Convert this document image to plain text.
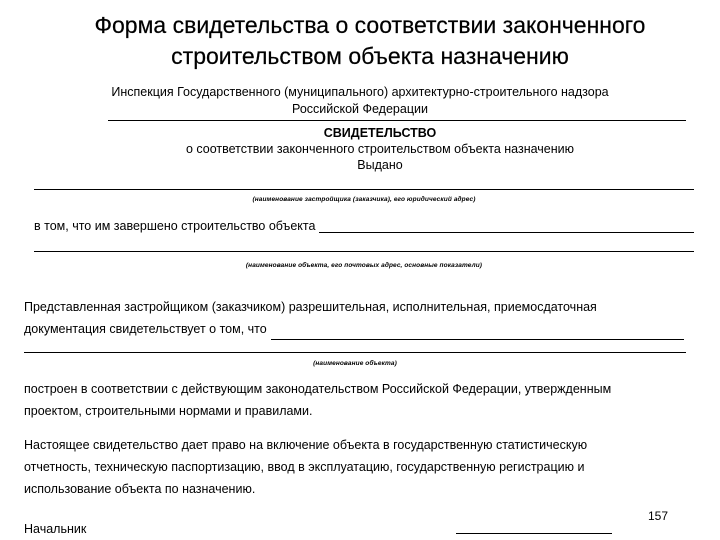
Форма свидетельства о соответствии законченного
строительством объекта назначению
Инспекция Государственного (муниципального) архитектурно-строительного надзора
Российской Федерации
СВИДЕТЕЛЬСТВО
о соответствии законченного строительством объекта назначению
Выдано
(наименование застройщика (заказчика), его юридический адрес)
в том, что им завершено строительство объекта
(наименование объекта, его почтовых адрес, основные показатели)
Представленная застройщиком (заказчиком) разрешительная, исполнительная, приемосдаточная
документация свидетельствует о том, что
(наименование объекта)
построен в соответствии с действующим законодательством Российской Федерации, утвержденным
проектом, строительными нормами и правилами.
Настоящее свидетельство дает право на включение объекта в государственную статистическую
отчетность, техническую паспортизацию, ввод в эксплуатацию, государственную регистрацию и
использование объекта по назначению.
Начальник
157
